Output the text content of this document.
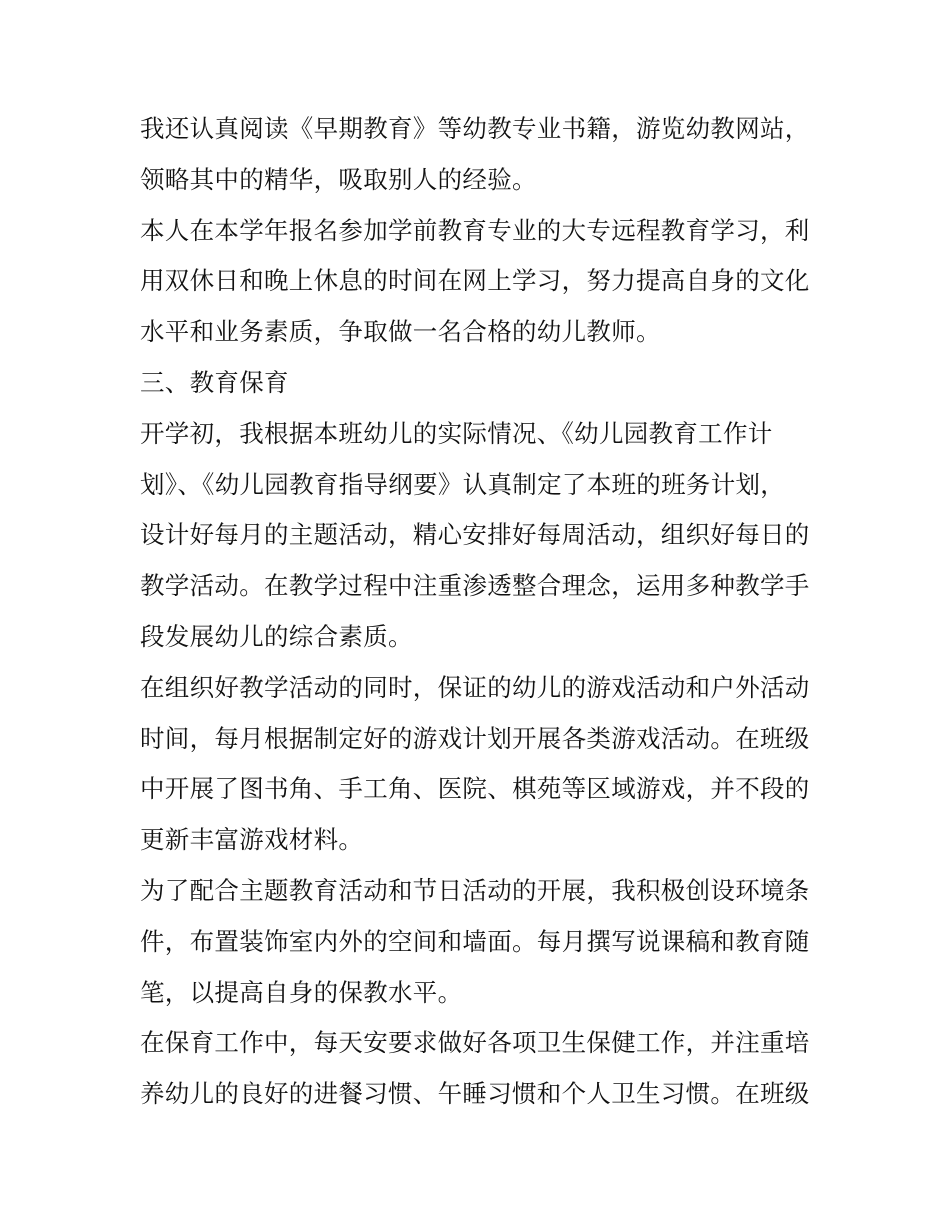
我还认真阅读《早期教育》等幼教专业书籍，游览幼教网站，
领略其中的精华，吸取别人的经验。
本人在本学年报名参加学前教育专业的大专远程教育学习，利
用双休日和晚上休息的时间在网上学习，努力提高自身的文化
水平和业务素质，争取做一名合格的幼儿教师。
三、教育保育
开学初，我根据本班幼儿的实际情况、《幼儿园教育工作计
划》、《幼儿园教育指导纲要》认真制定了本班的班务计划，
设计好每月的主题活动，精心安排好每周活动，组织好每日的
教学活动。在教学过程中注重渗透整合理念，运用多种教学手
段发展幼儿的综合素质。
在组织好教学活动的同时，保证的幼儿的游戏活动和户外活动
时间，每月根据制定好的游戏计划开展各类游戏活动。在班级
中开展了图书角、手工角、医院、棋苑等区域游戏，并不段的
更新丰富游戏材料。
为了配合主题教育活动和节日活动的开展，我积极创设环境条
件，布置装饰室内外的空间和墙面。每月撰写说课稿和教育随
笔，以提高自身的保教水平。
在保育工作中，每天安要求做好各项卫生保健工作，并注重培
养幼儿的良好的进餐习惯、午睡习惯和个人卫生习惯。在班级
